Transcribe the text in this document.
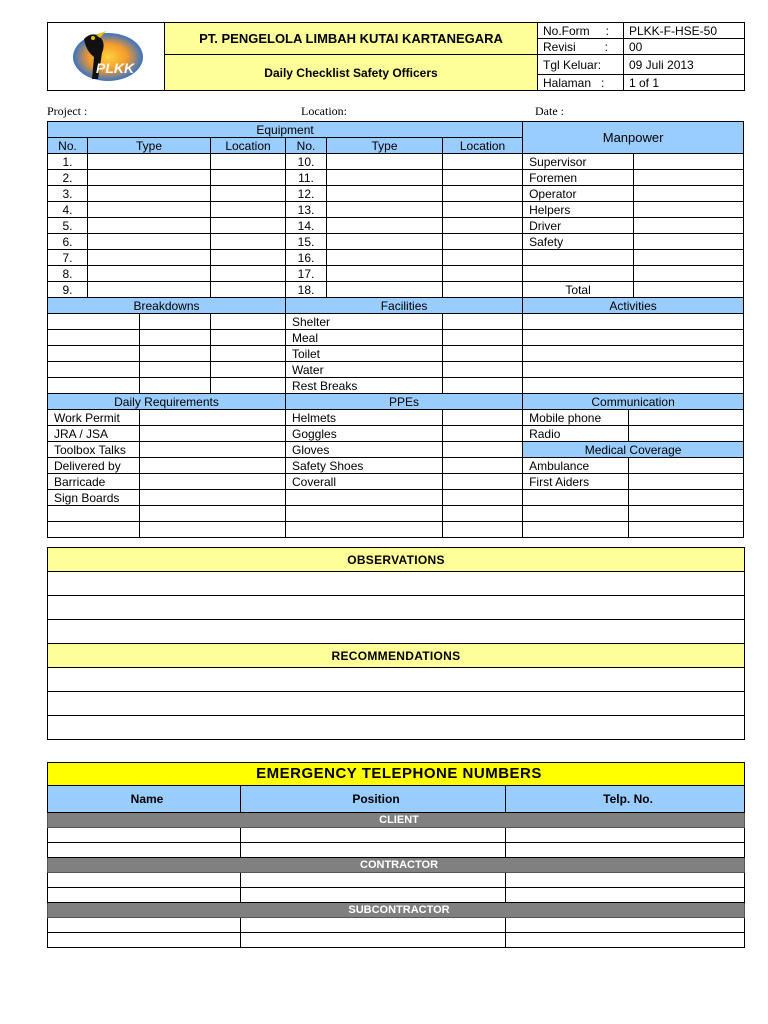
PLKK	PT. PENGELOLA LIMBAH KUTAI KARTANEGARA	No.Form :	PLKK-F-HSE-50
		Revisi :	00
	Daily Checklist Safety Officers	Tgl Keluar:	09 Juli 2013
		Halaman :	1 of 1
Project :	Location:	Date :
Equipment							Manpower		
No.	Type		Location	No.	Type	Location			
1.				10.			Supervisor		
2.				11.			Foremen		
3.				12.			Operator		
4.				13.			Helpers		
5.				14.			Driver		
6.				15.			Safety		
7.				16.					
8.				17.					
9.				18.			Total		
Breakdowns				Facilities			Activities		
				Shelter					
				Meal					
				Toilet					
				Water					
				Rest Breaks					
Daily Requirements				PPEs			Communication		
Work Permit				Helmets			Mobile phone		
JRA / JSA				Goggles			Radio		
Toolbox Talks				Gloves			Medical Coverage		
Delivered by				Safety Shoes			Ambulance		
Barricade				Coverall			First Aiders		
Sign Boards									

OBSERVATIONS

RECOMMENDATIONS

EMERGENCY TELEPHONE NUMBERS		
Name	Position	Telp. No.
CLIENT		

CONTRACTOR		

SUBCONTRACTOR		
